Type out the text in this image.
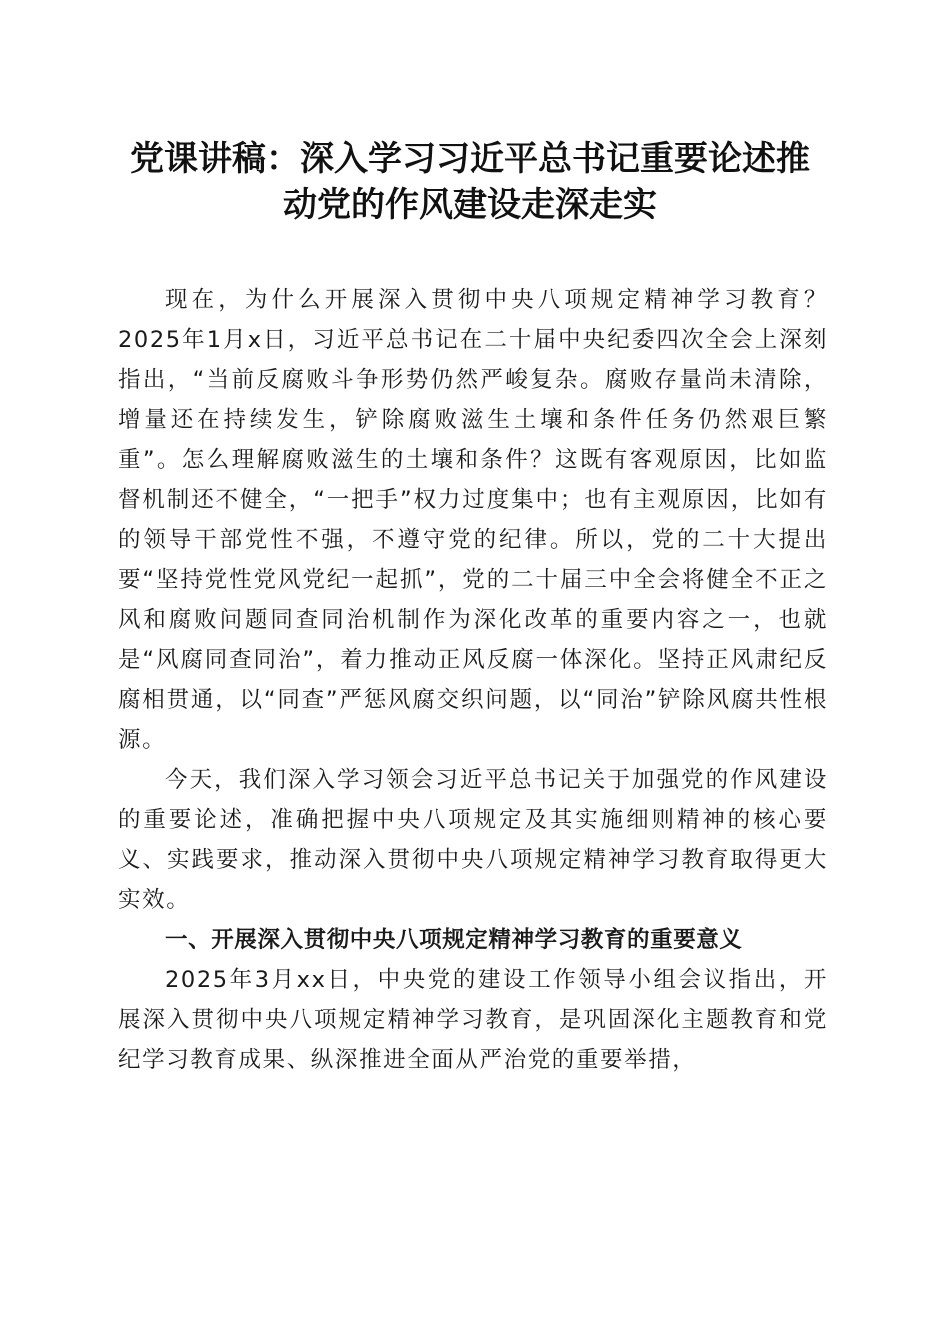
党课讲稿：深入学习习近平总书记重要论述推
动党的作风建设走深走实

现在，为什么开展深入贯彻中央八项规定精神学习教育？2025年1月x日，习近平总书记在二十届中央纪委四次全会上深刻指出，“当前反腐败斗争形势仍然严峻复杂。腐败存量尚未清除，增量还在持续发生，铲除腐败滋生土壤和条件任务仍然艰巨繁重”。怎么理解腐败滋生的土壤和条件？这既有客观原因，比如监督机制还不健全，“一把手”权力过度集中；也有主观原因，比如有的领导干部党性不强，不遵守党的纪律。所以，党的二十大提出要“坚持党性党风党纪一起抓”，党的二十届三中全会将健全不正之风和腐败问题同查同治机制作为深化改革的重要内容之一，也就是“风腐同查同治”，着力推动正风反腐一体深化。坚持正风肃纪反腐相贯通，以“同查”严惩风腐交织问题，以“同治”铲除风腐共性根源。

今天，我们深入学习领会习近平总书记关于加强党的作风建设的重要论述，准确把握中央八项规定及其实施细则精神的核心要义、实践要求，推动深入贯彻中央八项规定精神学习教育取得更大实效。

一、开展深入贯彻中央八项规定精神学习教育的重要意义

2025年3月xx日，中央党的建设工作领导小组会议指出，开展深入贯彻中央八项规定精神学习教育，是巩固深化主题教育和党纪学习教育成果、纵深推进全面从严治党的重要举措，
